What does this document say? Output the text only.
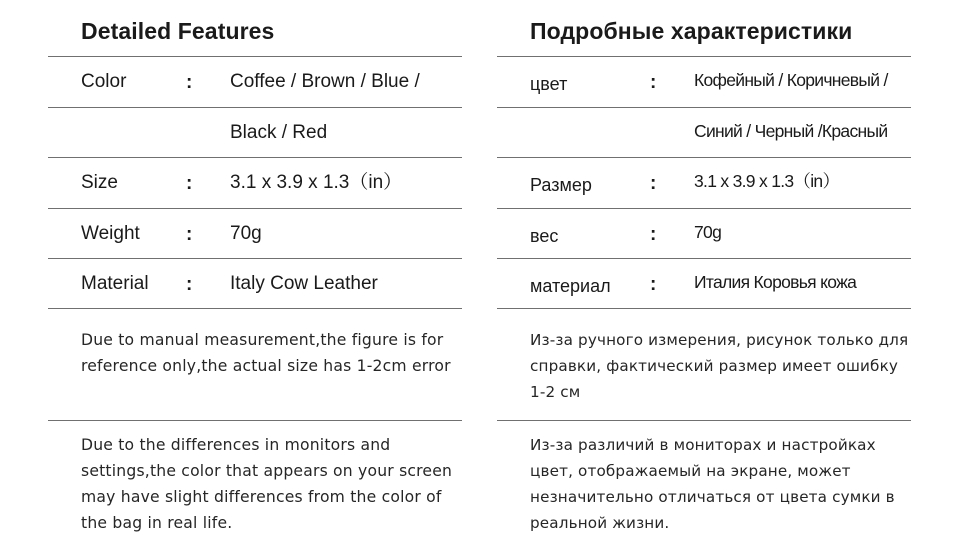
Detailed Features
Color	: Coffee / Brown / Blue /
Black / Red
Size	: 3.1 x 3.9 x 1.3（in）
Weight : 70g
Material : Italy Cow Leather
Due to manual measurement,the figure is for reference only,the actual size has 1-2cm error
Due to the differences in monitors and settings,the color that appears on your screen may have slight differences from the color of the bag in real life.
Подробные характеристики
цвет	: Кофейный / Коричневый /
Синий / Черный /Красный
Размер	: 3.1 x 3.9 x 1.3（in）
вес	: 70g
материал : Италия Коровья кожа
Из-за ручного измерения, рисунок только для справки, фактический размер имеет ошибку 1-2 см
Из-за различий в мониторах и настройках цвет, отображаемый на экране, может незначительно отличаться от цвета сумки в реальной жизни.
